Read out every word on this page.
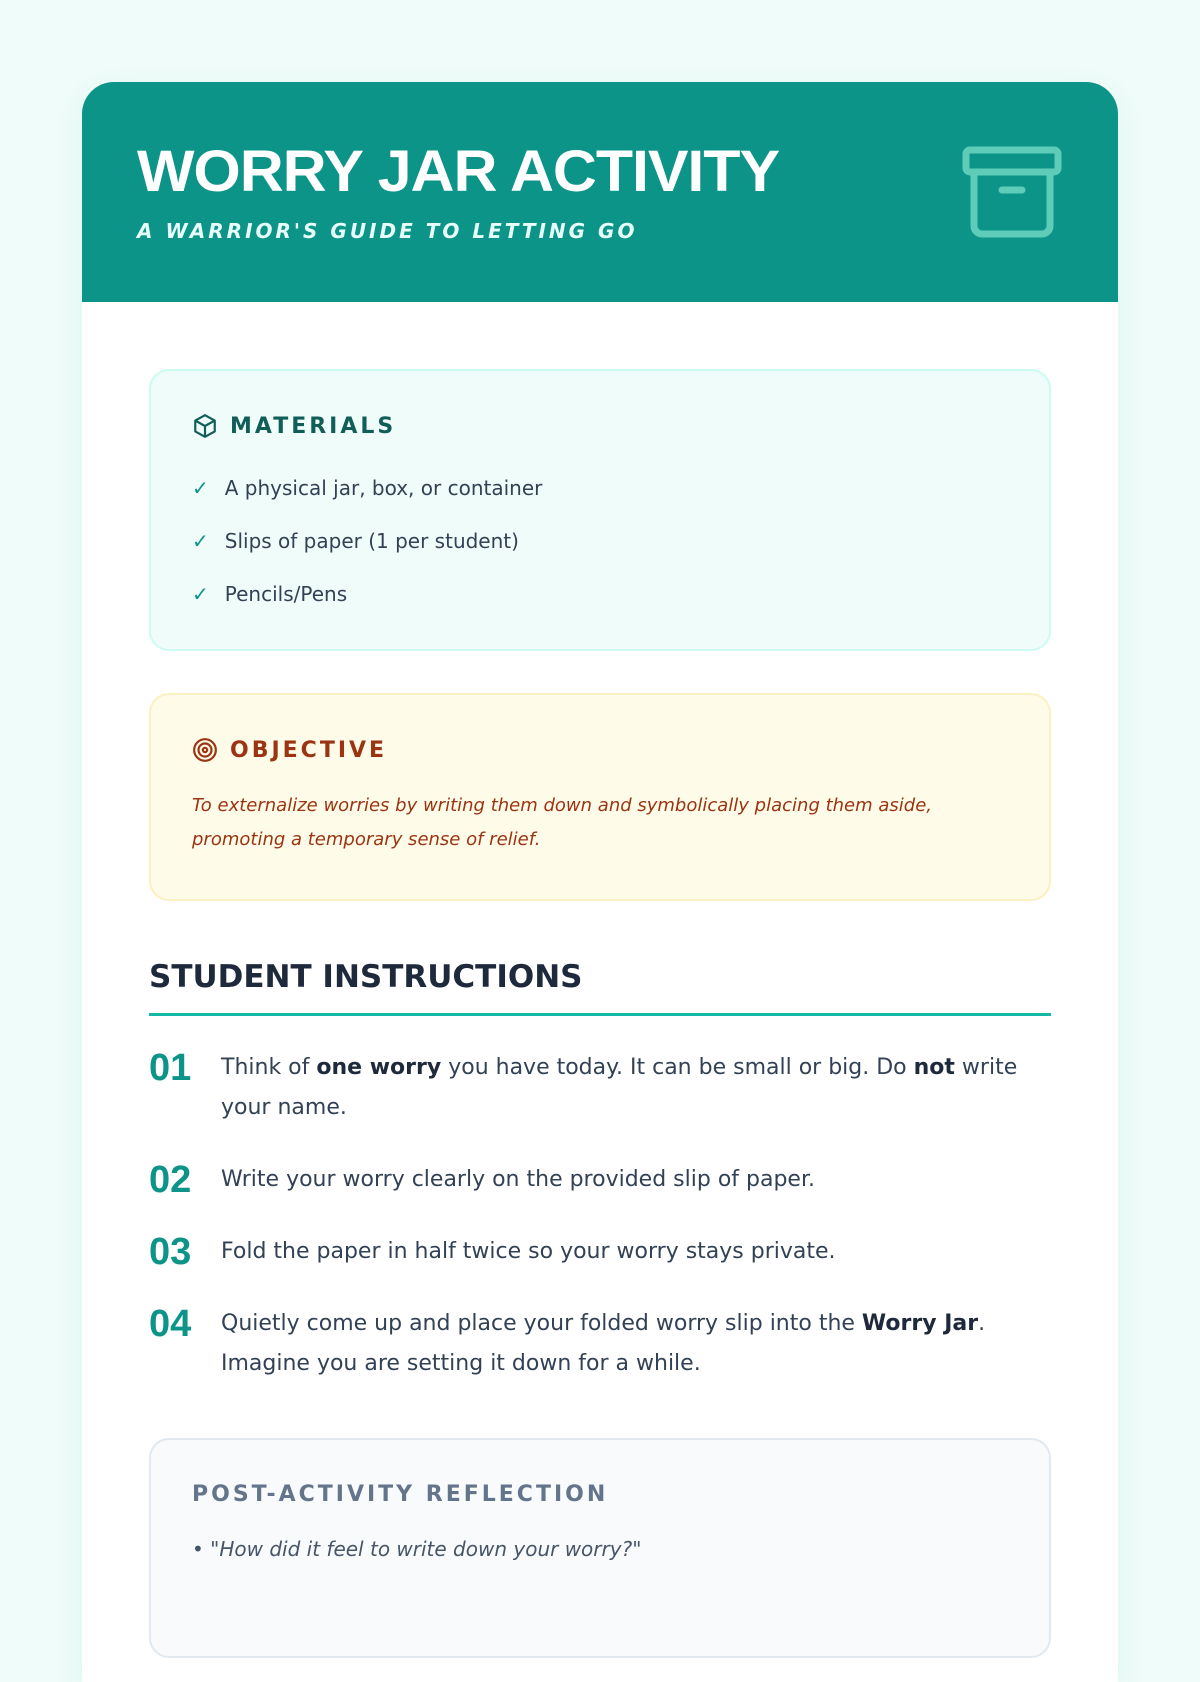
WORRY JAR ACTIVITY
A WARRIOR'S GUIDE TO LETTING GO
MATERIALS
✓ A physical jar, box, or container
✓ Slips of paper (1 per student)
✓ Pencils/Pens
OBJECTIVE

To externalize worries by writing them down and symbolically placing them aside, promoting a temporary sense of relief.

STUDENT INSTRUCTIONS
01 Think of one worry you have today. It can be small or big. Do not write your name.

02 Write your worry clearly on the provided slip of paper.

03 Fold the paper in half twice so your worry stays private.

04 Quietly come up and place your folded worry slip into the Worry Jar. Imagine you are setting it down for a while.

POST-ACTIVITY REFLECTION
• "How did it feel to write down your worry?"
